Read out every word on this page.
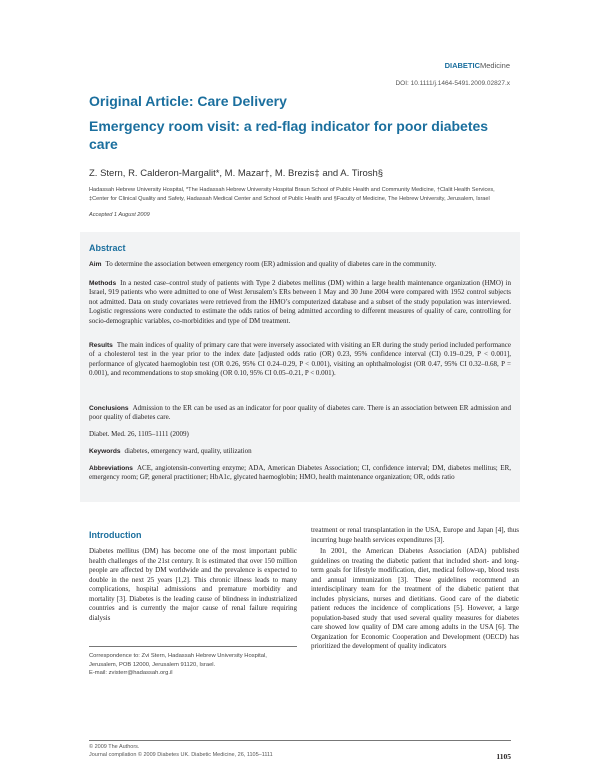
DIABETICMedicine
DOI: 10.1111/j.1464-5491.2009.02827.x
Original Article: Care Delivery
Emergency room visit: a red-flag indicator for poor diabetes care
Z. Stern, R. Calderon-Margalit*, M. Mazar†, M. Brezis‡ and A. Tirosh§
Hadassah Hebrew University Hospital, *The Hadassah Hebrew University Hospital Braun School of Public Health and Community Medicine, †Clalit Health Services, ‡Center for Clinical Quality and Safety, Hadassah Medical Center and School of Public Health and §Faculty of Medicine, The Hebrew University, Jerusalem, Israel
Accepted 1 August 2009
Abstract
Aim To determine the association between emergency room (ER) admission and quality of diabetes care in the community.
Methods In a nested case–control study of patients with Type 2 diabetes mellitus (DM) within a large health maintenance organization (HMO) in Israel, 919 patients who were admitted to one of West Jerusalem’s ERs between 1 May and 30 June 2004 were compared with 1952 control subjects not admitted. Data on study covariates were retrieved from the HMO’s computerized database and a subset of the study population was interviewed. Logistic regressions were conducted to estimate the odds ratios of being admitted according to different measures of quality of care, controlling for socio-demographic variables, co-morbidities and type of DM treatment.
Results The main indices of quality of primary care that were inversely associated with visiting an ER during the study period included performance of a cholesterol test in the year prior to the index date [adjusted odds ratio (OR) 0.23, 95% confidence interval (CI) 0.19–0.29, P < 0.001], performance of glycated haemoglobin test (OR 0.26, 95% CI 0.24–0.29, P < 0.001), visiting an ophthalmologist (OR 0.47, 95% CI 0.32–0.68, P = 0.001), and recommendations to stop smoking (OR 0.10, 95% CI 0.05–0.21, P < 0.001).
Conclusions Admission to the ER can be used as an indicator for poor quality of diabetes care. There is an association between ER admission and poor quality of diabetes care.
Diabet. Med. 26, 1105–1111 (2009)
Keywords diabetes, emergency ward, quality, utilization
Abbreviations ACE, angiotensin-converting enzyme; ADA, American Diabetes Association; CI, confidence interval; DM, diabetes mellitus; ER, emergency room; GP, general practitioner; HbA1c, glycated haemoglobin; HMO, health maintenance organization; OR, odds ratio
Introduction
Diabetes mellitus (DM) has become one of the most important public health challenges of the 21st century. It is estimated that over 150 million people are affected by DM worldwide and the prevalence is expected to double in the next 25 years [1,2]. This chronic illness leads to many complications, hospital admissions and premature morbidity and mortality [3]. Diabetes is the leading cause of blindness in industrialized countries and is currently the major cause of renal failure requiring dialysis
treatment or renal transplantation in the USA, Europe and Japan [4], thus incurring huge health services expenditures [3].
In 2001, the American Diabetes Association (ADA) published guidelines on treating the diabetic patient that included short- and long-term goals for lifestyle modification, diet, medical follow-up, blood tests and annual immunization [3]. These guidelines recommend an interdisciplinary team for the treatment of the diabetic patient that includes physicians, nurses and dietitians. Good care of the diabetic patient reduces the incidence of complications [5]. However, a large population-based study that used several quality measures for diabetes care showed low quality of DM care among adults in the USA [6]. The Organization for Economic Cooperation and Development (OECD) has prioritized the development of quality indicators
Correspondence to: Zvi Stern, Hadassah Hebrew University Hospital,
Jerusalem, POB 12000, Jerusalem 91120, Israel.
E-mail: zvisterr@hadassah.org.il
© 2009 The Authors.
Journal compilation © 2009 Diabetes UK. Diabetic Medicine, 26, 1105–1111	1105
